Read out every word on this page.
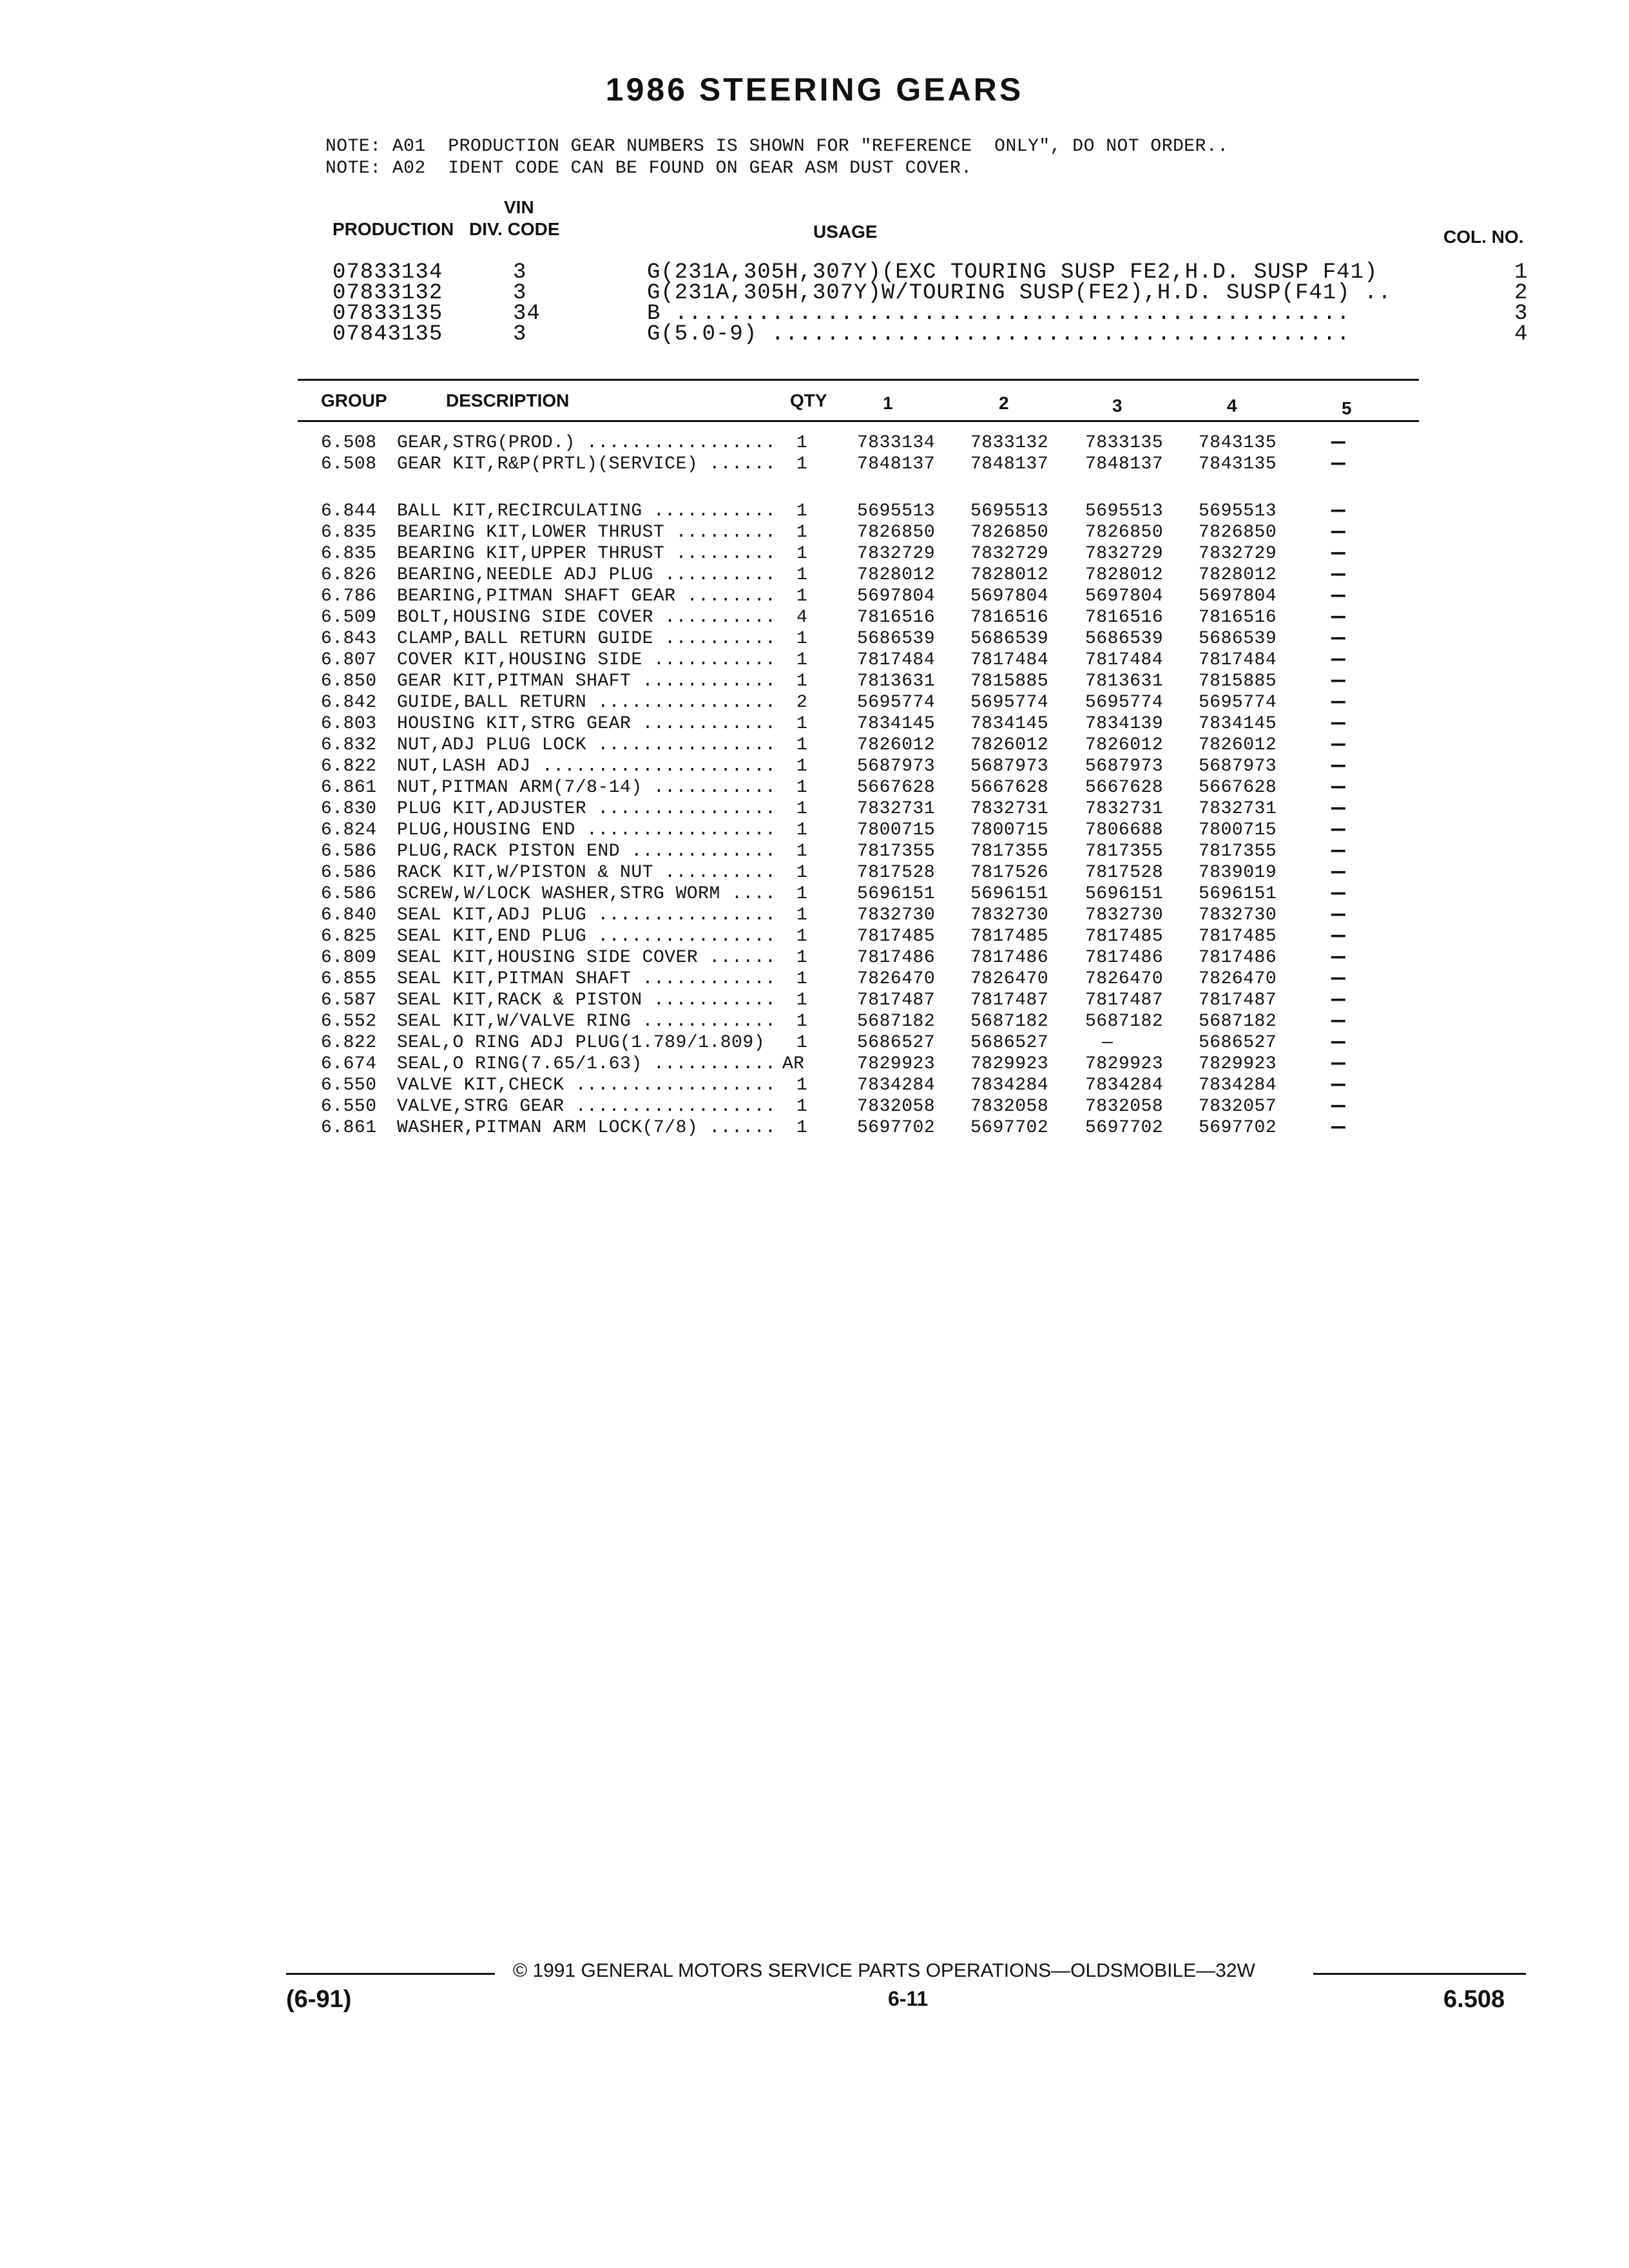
1986 STEERING GEARS
NOTE: A01  PRODUCTION GEAR NUMBERS IS SHOWN FOR "REFERENCE  ONLY", DO NOT ORDER..
NOTE: A02  IDENT CODE CAN BE FOUND ON GEAR ASM DUST COVER.
VIN
PRODUCTION DIV. CODE	USAGE	COL. NO.
07833134	3	G(231A,305H,307Y)(EXC TOURING SUSP FE2,H.D. SUSP F41)	1
07833132	3	G(231A,305H,307Y)W/TOURING SUSP(FE2),H.D. SUSP(F41) ..	2
07833135	34	B .................................................	3
07843135	3	G(5.0-9) ..........................................	4
GROUP	DESCRIPTION	QTY	1	2	3	4	5
6.508 GEAR,STRG(PROD.) ................. 1	7833134 7833132 7833135 7843135 —
6.508 GEAR KIT,R&P(PRTL)(SERVICE) ...... 1	7848137 7848137 7848137 7843135 —
6.844 BALL KIT,RECIRCULATING ........... 1	5695513 5695513 5695513 5695513 —
6.835 BEARING KIT,LOWER THRUST ......... 1	7826850 7826850 7826850 7826850 —
6.835 BEARING KIT,UPPER THRUST ......... 1	7832729 7832729 7832729 7832729 —
6.826 BEARING,NEEDLE ADJ PLUG .......... 1	7828012 7828012 7828012 7828012 —
6.786 BEARING,PITMAN SHAFT GEAR ........ 1	5697804 5697804 5697804 5697804 —
6.509 BOLT,HOUSING SIDE COVER .......... 4	7816516 7816516 7816516 7816516 —
6.843 CLAMP,BALL RETURN GUIDE .......... 1	5686539 5686539 5686539 5686539 —
6.807 COVER KIT,HOUSING SIDE ........... 1	7817484 7817484 7817484 7817484 —
6.850 GEAR KIT,PITMAN SHAFT ............ 1	7813631 7815885 7813631 7815885 —
6.842 GUIDE,BALL RETURN ................ 2	5695774 5695774 5695774 5695774 —
6.803 HOUSING KIT,STRG GEAR ............ 1	7834145 7834145 7834139 7834145 —
6.832 NUT,ADJ PLUG LOCK ................ 1	7826012 7826012 7826012 7826012 —
6.822 NUT,LASH ADJ ..................... 1	5687973 5687973 5687973 5687973 —
6.861 NUT,PITMAN ARM(7/8-14) ........... 1	5667628 5667628 5667628 5667628 —
6.830 PLUG KIT,ADJUSTER ................ 1	7832731 7832731 7832731 7832731 —
6.824 PLUG,HOUSING END ................. 1	7800715 7800715 7806688 7800715 —
6.586 PLUG,RACK PISTON END ............. 1	7817355 7817355 7817355 7817355 —
6.586 RACK KIT,W/PISTON & NUT .......... 1	7817528 7817526 7817528 7839019 —
6.586 SCREW,W/LOCK WASHER,STRG WORM .... 1	5696151 5696151 5696151 5696151 —
6.840 SEAL KIT,ADJ PLUG ................ 1	7832730 7832730 7832730 7832730 —
6.825 SEAL KIT,END PLUG ................ 1	7817485 7817485 7817485 7817485 —
6.809 SEAL KIT,HOUSING SIDE COVER ...... 1	7817486 7817486 7817486 7817486 —
6.855 SEAL KIT,PITMAN SHAFT ............ 1	7826470 7826470 7826470 7826470 —
6.587 SEAL KIT,RACK & PISTON ........... 1	7817487 7817487 7817487 7817487 —
6.552 SEAL KIT,W/VALVE RING ............ 1	5687182 5687182 5687182 5687182 —
6.822 SEAL,O RING ADJ PLUG(1.789/1.809) 1	5686527 5686527	—	5686527 —
6.674 SEAL,O RING(7.65/1.63) ........... AR	7829923 7829923 7829923 7829923 —
6.550 VALVE KIT,CHECK .................. 1	7834284 7834284 7834284 7834284 —
6.550 VALVE,STRG GEAR .................. 1	7832058 7832058 7832058 7832057 —
6.861 WASHER,PITMAN ARM LOCK(7/8) ...... 1	5697702 5697702 5697702 5697702 —
© 1991 GENERAL MOTORS SERVICE PARTS OPERATIONS—OLDSMOBILE—32W
(6-91)	6-11	6.508
